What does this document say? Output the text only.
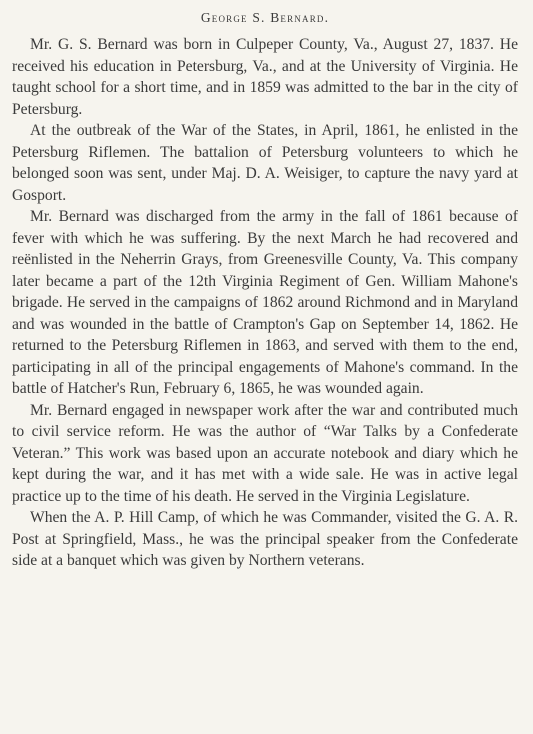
George S. Bernard.

Mr. G. S. Bernard was born in Culpeper County, Va., August 27, 1837. He received his education in Petersburg, Va., and at the University of Virginia. He taught school for a short time, and in 1859 was admitted to the bar in the city of Petersburg.

At the outbreak of the War of the States, in April, 1861, he enlisted in the Petersburg Riflemen. The battalion of Petersburg volunteers to which he belonged soon was sent, under Maj. D. A. Weisiger, to capture the navy yard at Gosport.

Mr. Bernard was discharged from the army in the fall of 1861 because of fever with which he was suffering. By the next March he had recovered and reënlisted in the Neherrin Grays, from Greenesville County, Va. This company later became a part of the 12th Virginia Regiment of Gen. William Mahone's brigade. He served in the campaigns of 1862 around Richmond and in Maryland and was wounded in the battle of Crampton's Gap on September 14, 1862. He returned to the Petersburg Riflemen in 1863, and served with them to the end, participating in all of the principal engagements of Mahone's command. In the battle of Hatcher's Run, February 6, 1865, he was wounded again.

Mr. Bernard engaged in newspaper work after the war and contributed much to civil service reform. He was the author of “War Talks by a Confederate Veteran.” This work was based upon an accurate notebook and diary which he kept during the war, and it has met with a wide sale. He was in active legal practice up to the time of his death. He served in the Virginia Legislature.

When the A. P. Hill Camp, of which he was Commander, visited the G. A. R. Post at Springfield, Mass., he was the principal speaker from the Confederate side at a banquet which was given by Northern veterans.
